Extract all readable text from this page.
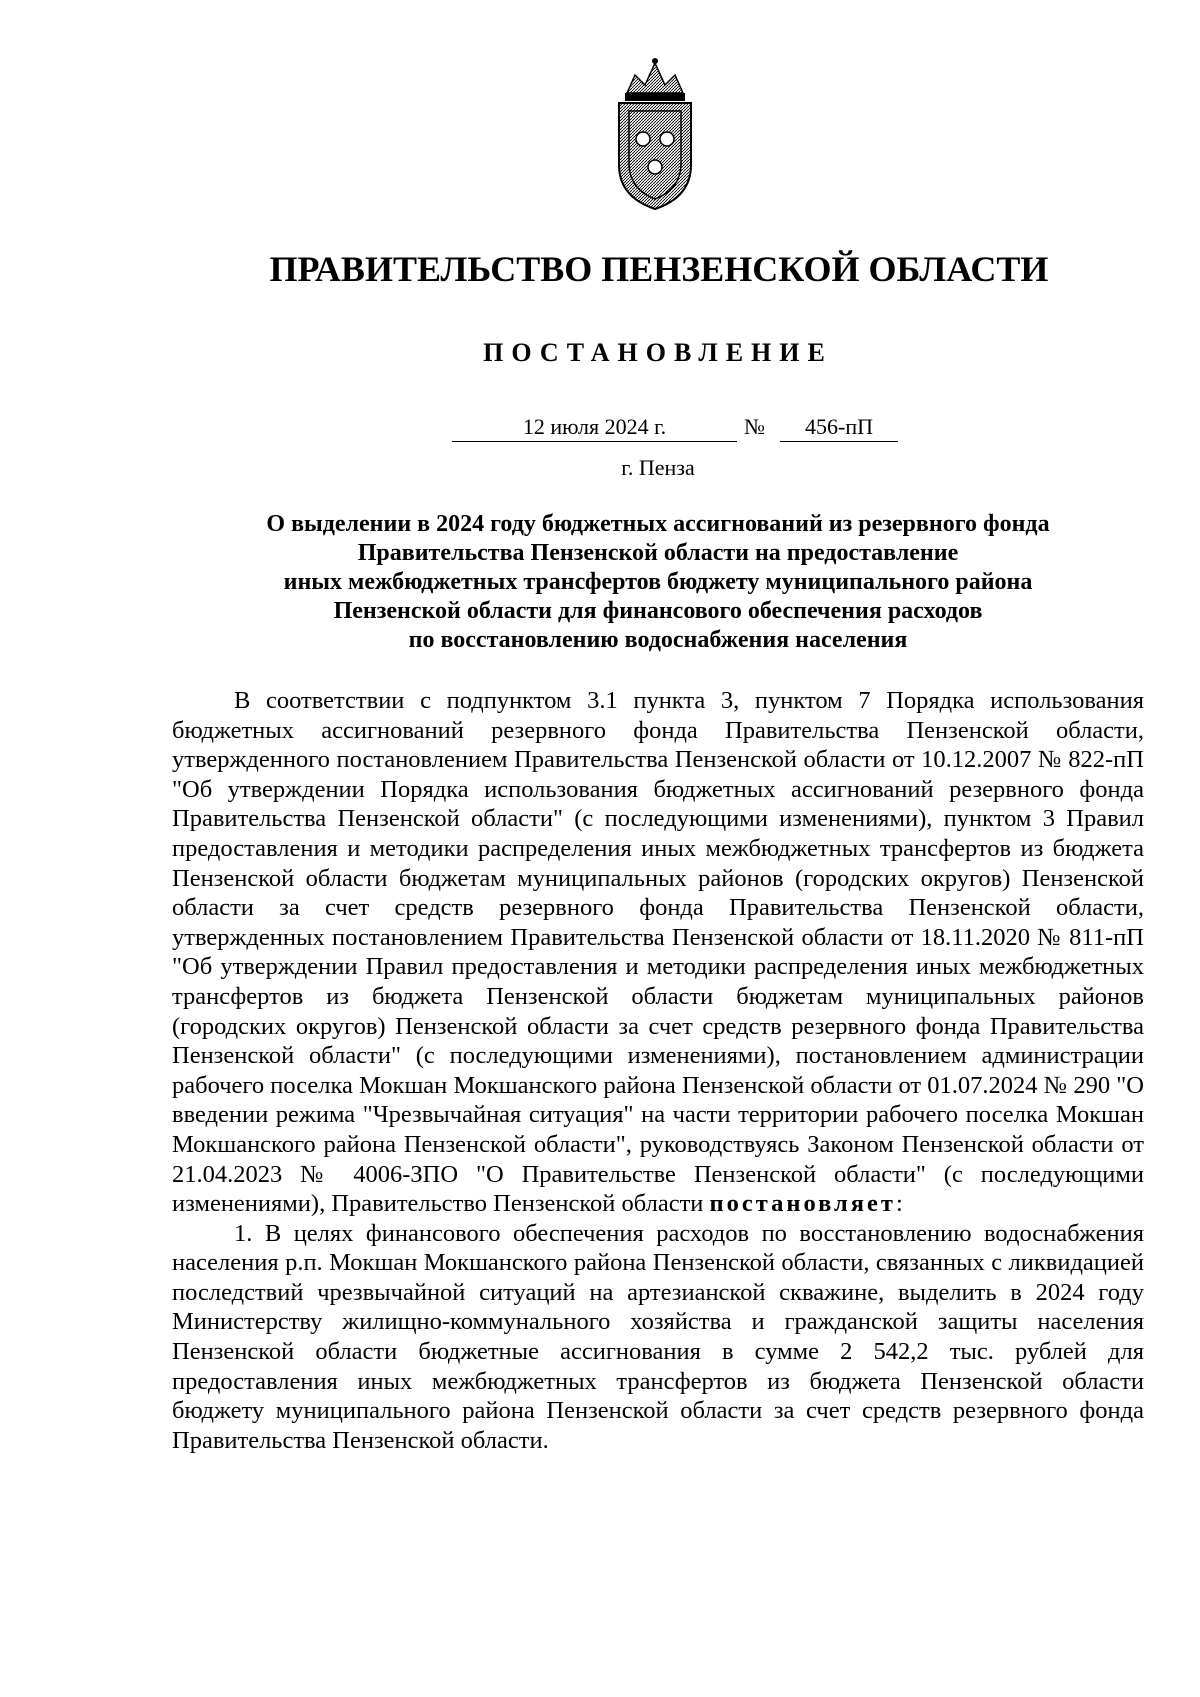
ПРАВИТЕЛЬСТВО ПЕНЗЕНСКОЙ ОБЛАСТИ
ПОСТАНОВЛЕНИЕ
12 июля 2024 г.	№	456-пП
г. Пенза
О выделении в 2024 году бюджетных ассигнований из резервного фонда
Правительства Пензенской области на предоставление
иных межбюджетных трансфертов бюджету муниципального района
Пензенской области для финансового обеспечения расходов
по восстановлению водоснабжения населения

В соответствии с подпунктом 3.1 пункта 3, пунктом 7 Порядка использования бюджетных ассигнований резервного фонда Правительства Пензенской области, утвержденного постановлением Правительства Пензенской области от 10.12.2007 № 822-пП "Об утверждении Порядка использования бюджетных ассигнований резервного фонда Правительства Пензенской области" (с последующими изменениями), пунктом 3 Правил предоставления и методики распределения иных межбюджетных трансфертов из бюджета Пензенской области бюджетам муниципальных районов (городских округов) Пензенской области за счет средств резервного фонда Правительства Пензенской области, утвержденных постановлением Правительства Пензенской области от 18.11.2020 № 811-пП "Об утверждении Правил предоставления и методики распределения иных межбюджетных трансфертов из бюджета Пензенской области бюджетам муниципальных районов (городских округов) Пензенской области за счет средств резервного фонда Правительства Пензенской области" (с последующими изменениями), постановлением администрации рабочего поселка Мокшан Мокшанского района Пензенской области от 01.07.2024 № 290 "О введении режима "Чрезвычайная ситуация" на части территории рабочего поселка Мокшан Мокшанского района Пензенской области", руководствуясь Законом Пензенской области от 21.04.2023 № 4006-ЗПО "О Правительстве Пензенской области" (с последующими изменениями), Правительство Пензенской области постановляет:

1. В целях финансового обеспечения расходов по восстановлению водоснабжения населения р.п. Мокшан Мокшанского района Пензенской области, связанных с ликвидацией последствий чрезвычайной ситуаций на артезианской скважине, выделить в 2024 году Министерству жилищно-коммунального хозяйства и гражданской защиты населения Пензенской области бюджетные ассигнования в сумме 2 542,2 тыс. рублей для предоставления иных межбюджетных трансфертов из бюджета Пензенской области бюджету муниципального района Пензенской области за счет средств резервного фонда Правительства Пензенской области.
